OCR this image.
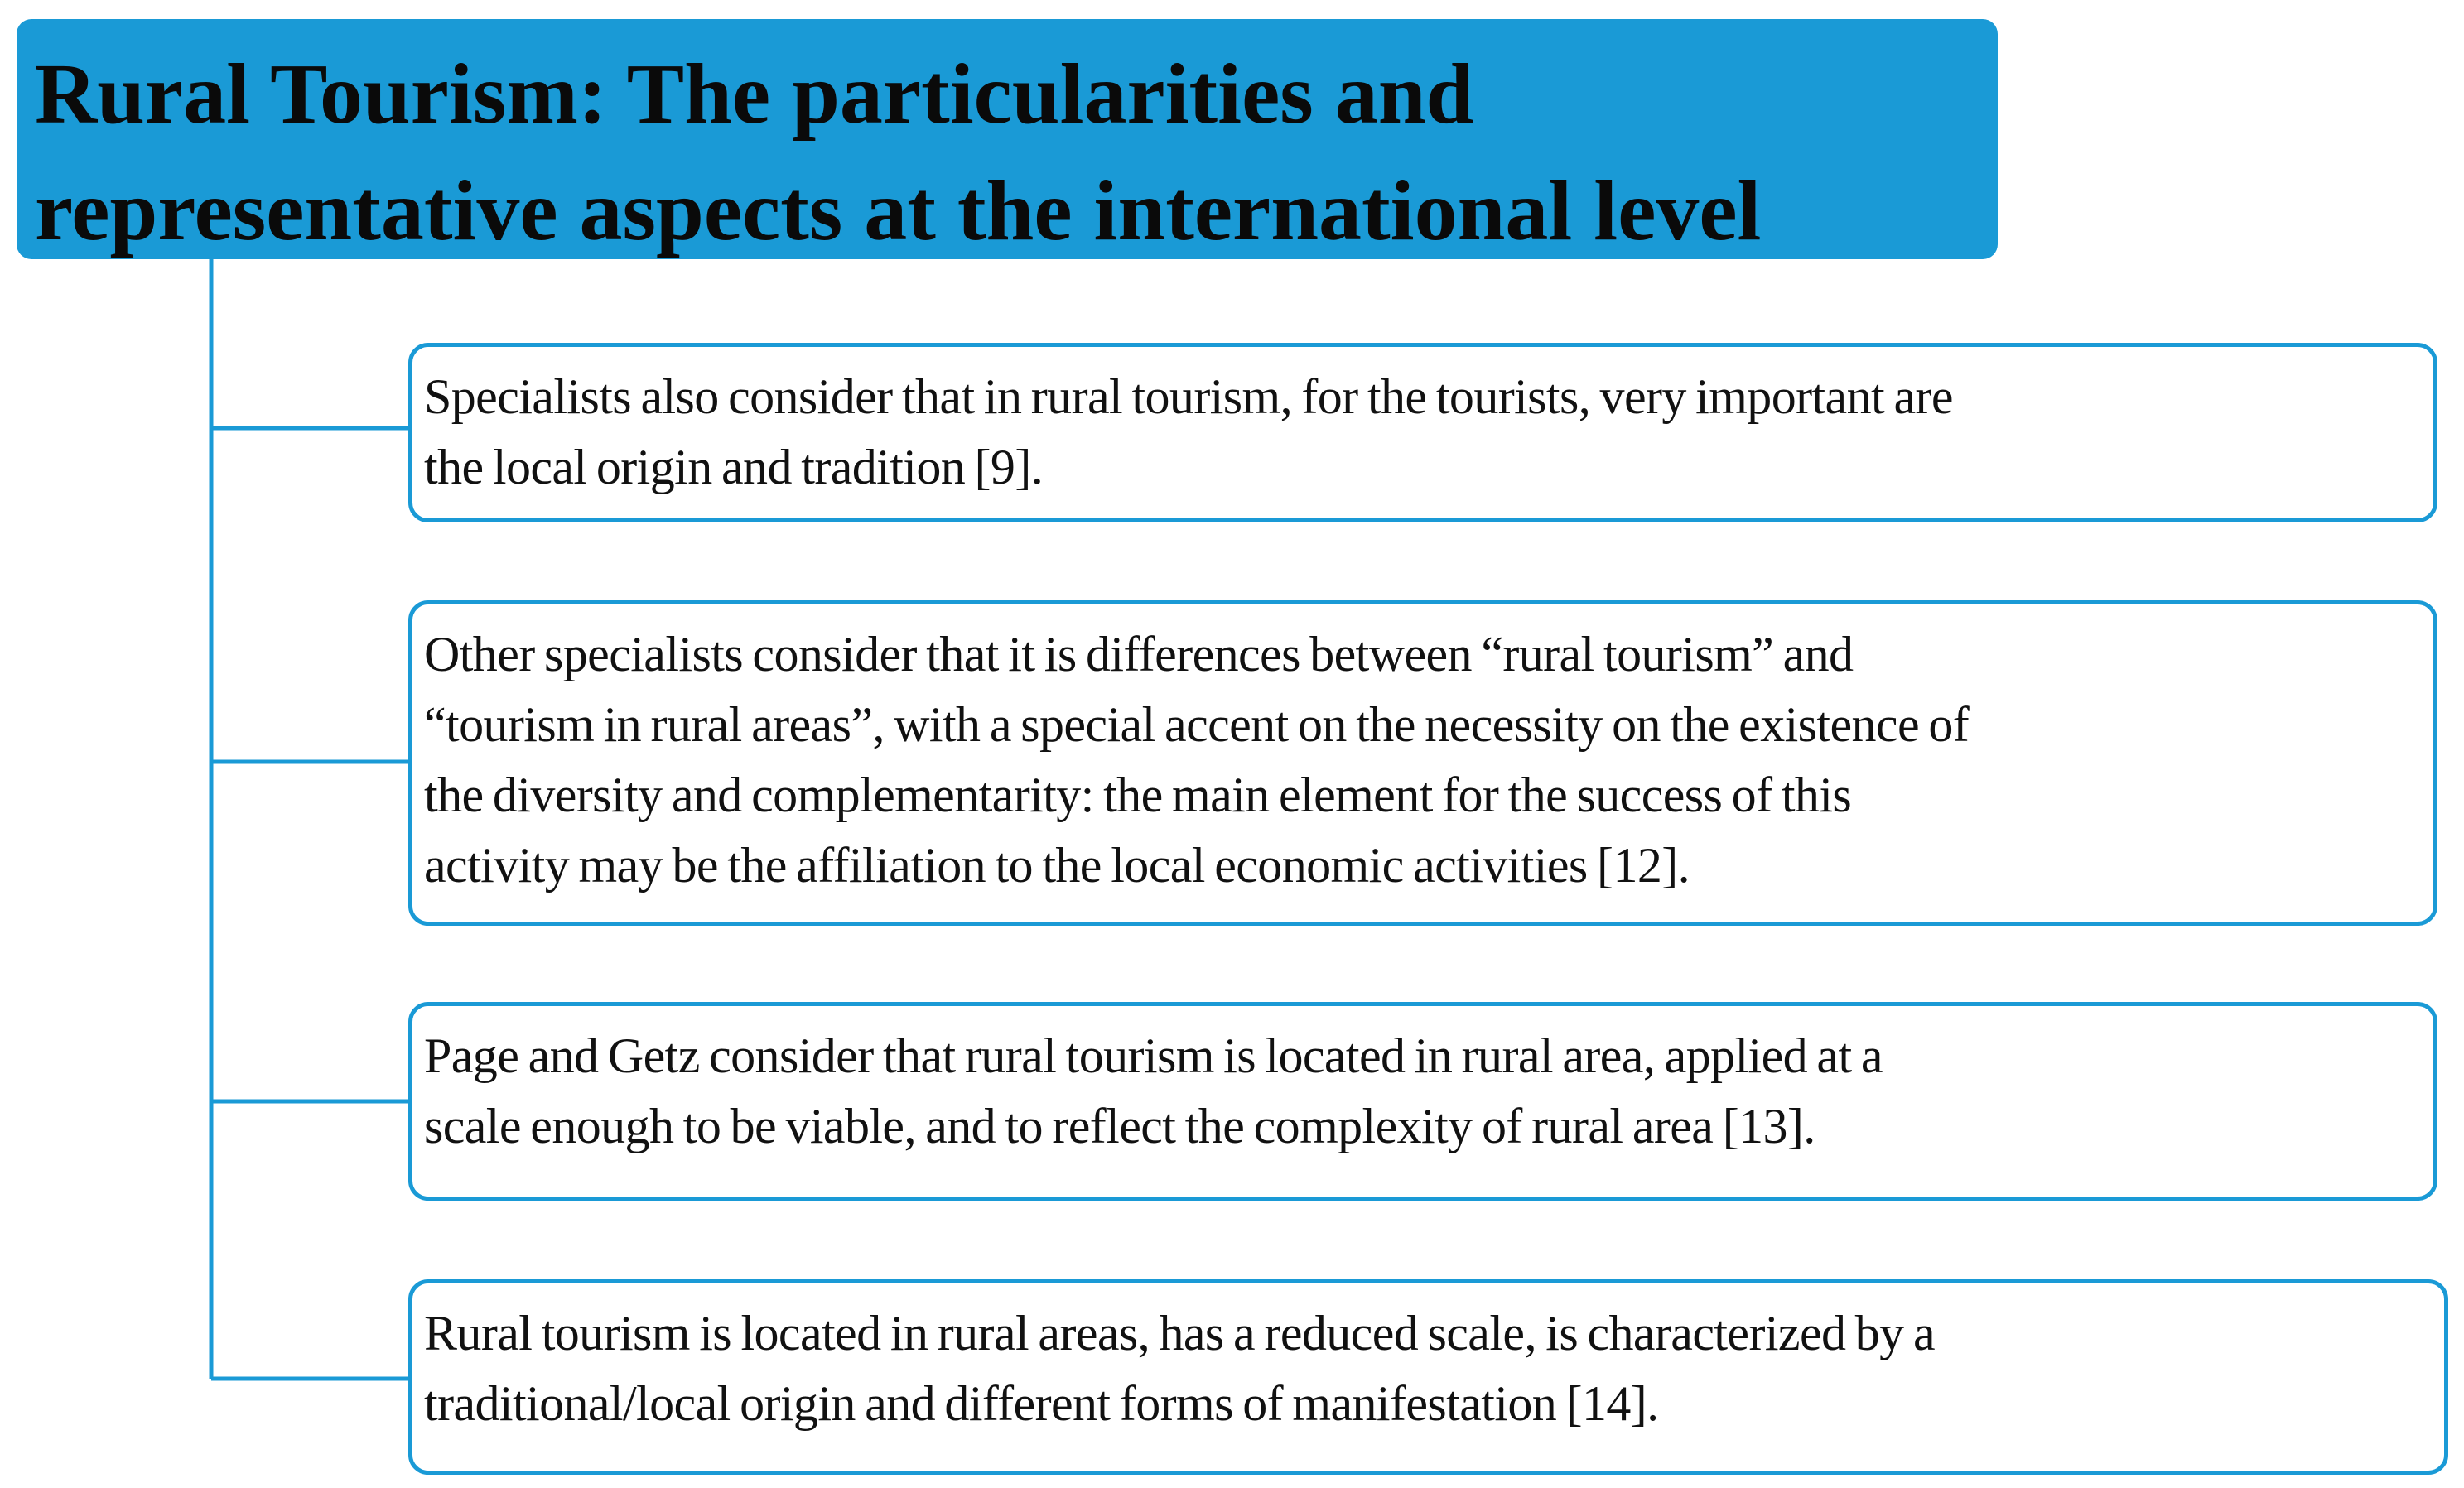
Rural Tourism: The particularities and

representative aspects at the international level

Specialists also consider that in rural tourism, for the tourists, very important are

the local origin and tradition [9].

Other specialists consider that it is differences between “rural tourism” and

“tourism in rural areas”, with a special accent on the necessity on the existence of

the diversity and complementarity: the main element for the success of this

activity may be the affiliation to the local economic activities [12].

Page and Getz consider that rural tourism is located in rural area, applied at a

scale enough to be viable, and to reflect the complexity of rural area [13].

Rural tourism is located in rural areas, has a reduced scale, is characterized by a

traditional/local origin and different forms of manifestation [14].
